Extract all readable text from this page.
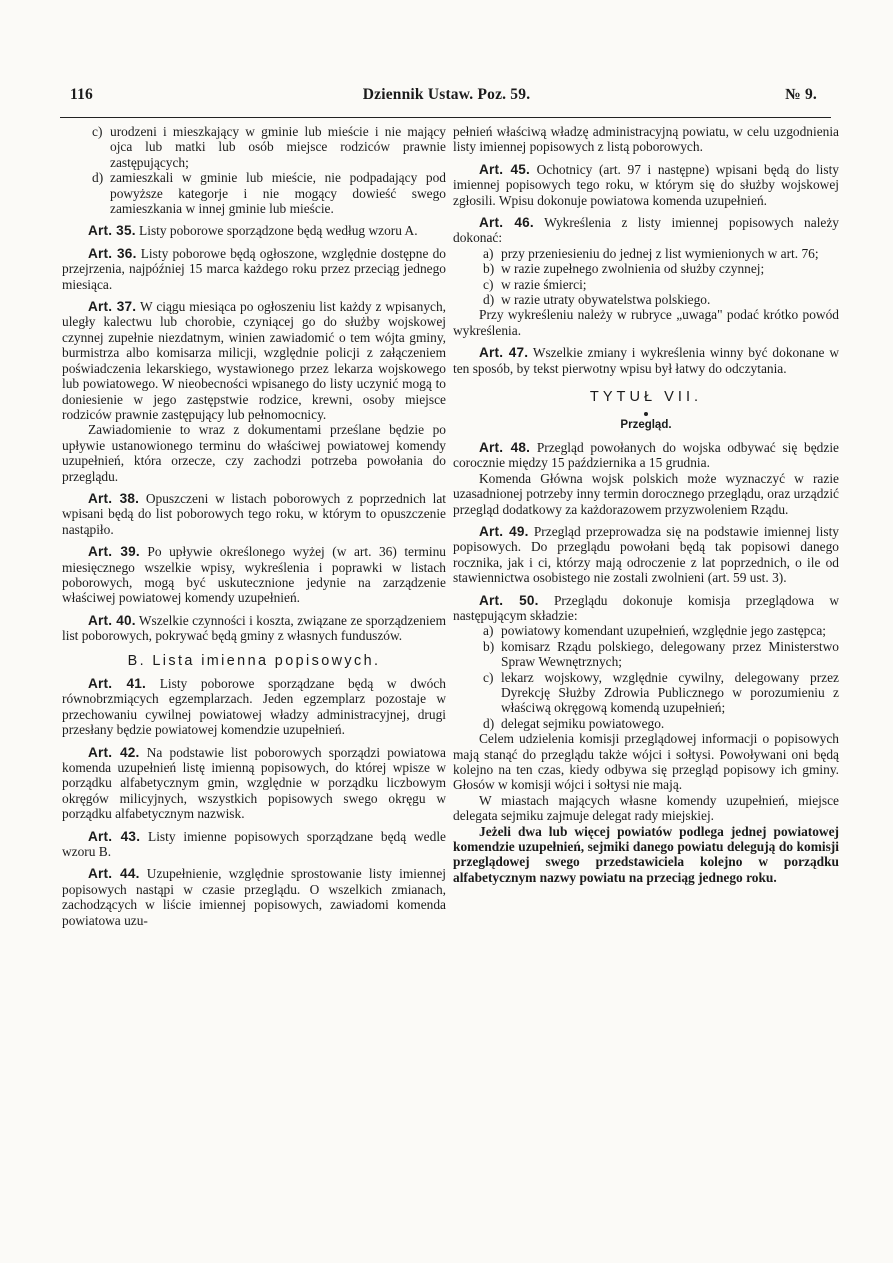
116	Dziennik Ustaw. Poz. 59.	№ 9.
c) urodzeni i mieszkający w gminie lub mieście i nie mający ojca lub matki lub osób miejsce rodziców prawnie zastępujących;
d) zamieszkali w gminie lub mieście, nie podpadający pod powyższe kategorje i nie mogący dowieść swego zamieszkania w innej gminie lub mieście.

Art. 35. Listy poborowe sporządzone będą według wzoru A.

Art. 36. Listy poborowe będą ogłoszone, względnie dostępne do przejrzenia, najpóźniej 15 marca każdego roku przez przeciąg jednego miesiąca.

Art. 37. W ciągu miesiąca po ogłoszeniu list każdy z wpisanych, uległy kalectwu lub chorobie, czyniącej go do służby wojskowej czynnej zupełnie niezdatnym, winien zawiadomić o tem wójta gminy, burmistrza albo komisarza milicji, względnie policji z załączeniem poświadczenia lekarskiego, wystawionego przez lekarza wojskowego lub powiatowego. W nieobecności wpisanego do listy uczynić mogą to doniesienie w jego zastępstwie rodzice, krewni, osoby miejsce rodziców prawnie zastępujący lub pełnomocnicy.

Zawiadomienie to wraz z dokumentami prześlane będzie po upływie ustanowionego terminu do właściwej powiatowej komendy uzupełnień, która orzecze, czy zachodzi potrzeba powołania do przeglądu.

Art. 38. Opuszczeni w listach poborowych z poprzednich lat wpisani będą do list poborowych tego roku, w którym to opuszczenie nastąpiło.

Art. 39. Po upływie określonego wyżej (w art. 36) terminu miesięcznego wszelkie wpisy, wykreślenia i poprawki w listach poborowych, mogą być uskutecznione jedynie na zarządzenie właściwej powiatowej komendy uzupełnień.

Art. 40. Wszelkie czynności i koszta, związane ze sporządzeniem list poborowych, pokrywać będą gminy z własnych funduszów.

B. Lista imienna popisowych.

Art. 41. Listy poborowe sporządzane będą w dwóch równobrzmiących egzemplarzach. Jeden egzemplarz pozostaje w przechowaniu cywilnej powiatowej władzy administracyjnej, drugi przesłany będzie powiatowej komendzie uzupełnień.

Art. 42. Na podstawie list poborowych sporządzi powiatowa komenda uzupełnień listę imienną popisowych, do której wpisze w porządku alfabetycznym gmin, względnie w porządku liczbowym okręgów milicyjnych, wszystkich popisowych swego okręgu w porządku alfabetycznym nazwisk.

Art. 43. Listy imienne popisowych sporządzane będą wedle wzoru B.

Art. 44. Uzupełnienie, względnie sprostowanie listy imiennej popisowych nastąpi w czasie przeglądu. O wszelkich zmianach, zachodzących w liście imiennej popisowych, zawiadomi komenda powiatowa uzu-

pełnień właściwą władzę administracyjną powiatu, w celu uzgodnienia listy imiennej popisowych z listą poborowych.

Art. 45. Ochotnicy (art. 97 i następne) wpisani będą do listy imiennej popisowych tego roku, w którym się do służby wojskowej zgłosili. Wpisu dokonuje powiatowa komenda uzupełnień.

Art. 46. Wykreślenia z listy imiennej popisowych należy dokonać:

a) przy przeniesieniu do jednej z list wymienionych w art. 76;
b) w razie zupełnego zwolnienia od służby czynnej;
c) w razie śmierci;
d) w razie utraty obywatelstwa polskiego.

Przy wykreśleniu należy w rubryce „uwaga" podać krótko powód wykreślenia.

Art. 47. Wszelkie zmiany i wykreślenia winny być dokonane w ten sposób, by tekst pierwotny wpisu był łatwy do odczytania.

TYTUŁ VII.
Przegląd.

Art. 48. Przegląd powołanych do wojska odbywać się będzie corocznie między 15 października a 15 grudnia.

Komenda Główna wojsk polskich może wyznaczyć w razie uzasadnionej potrzeby inny termin dorocznego przeglądu, oraz urządzić przegląd dodatkowy za każdorazowem przyzwoleniem Rządu.

Art. 49. Przegląd przeprowadza się na podstawie imiennej listy popisowych. Do przeglądu powołani będą tak popisowi danego rocznika, jak i ci, którzy mają odroczenie z lat poprzednich, o ile od stawiennictwa osobistego nie zostali zwolnieni (art. 59 ust. 3).

Art. 50. Przeglądu dokonuje komisja przeglądowa w następującym składzie:

a) powiatowy komendant uzupełnień, względnie jego zastępca;
b) komisarz Rządu polskiego, delegowany przez Ministerstwo Spraw Wewnętrznych;
c) lekarz wojskowy, względnie cywilny, delegowany przez Dyrekcję Służby Zdrowia Publicznego w porozumieniu z właściwą okręgową komendą uzupełnień;
d) delegat sejmiku powiatowego.

Celem udzielenia komisji przeglądowej informacji o popisowych mają stanąć do przeglądu także wójci i sołtysi. Powoływani oni będą kolejno na ten czas, kiedy odbywa się przegląd popisowy ich gminy. Głosów w komisji wójci i sołtysi nie mają.

W miastach mających własne komendy uzupełnień, miejsce delegata sejmiku zajmuje delegat rady miejskiej.

Jeżeli dwa lub więcej powiatów podlega jednej powiatowej komendzie uzupełnień, sejmiki danego powiatu delegują do komisji przeglądowej swego przedstawiciela kolejno w porządku alfabetycznym nazwy powiatu na przeciąg jednego roku.
